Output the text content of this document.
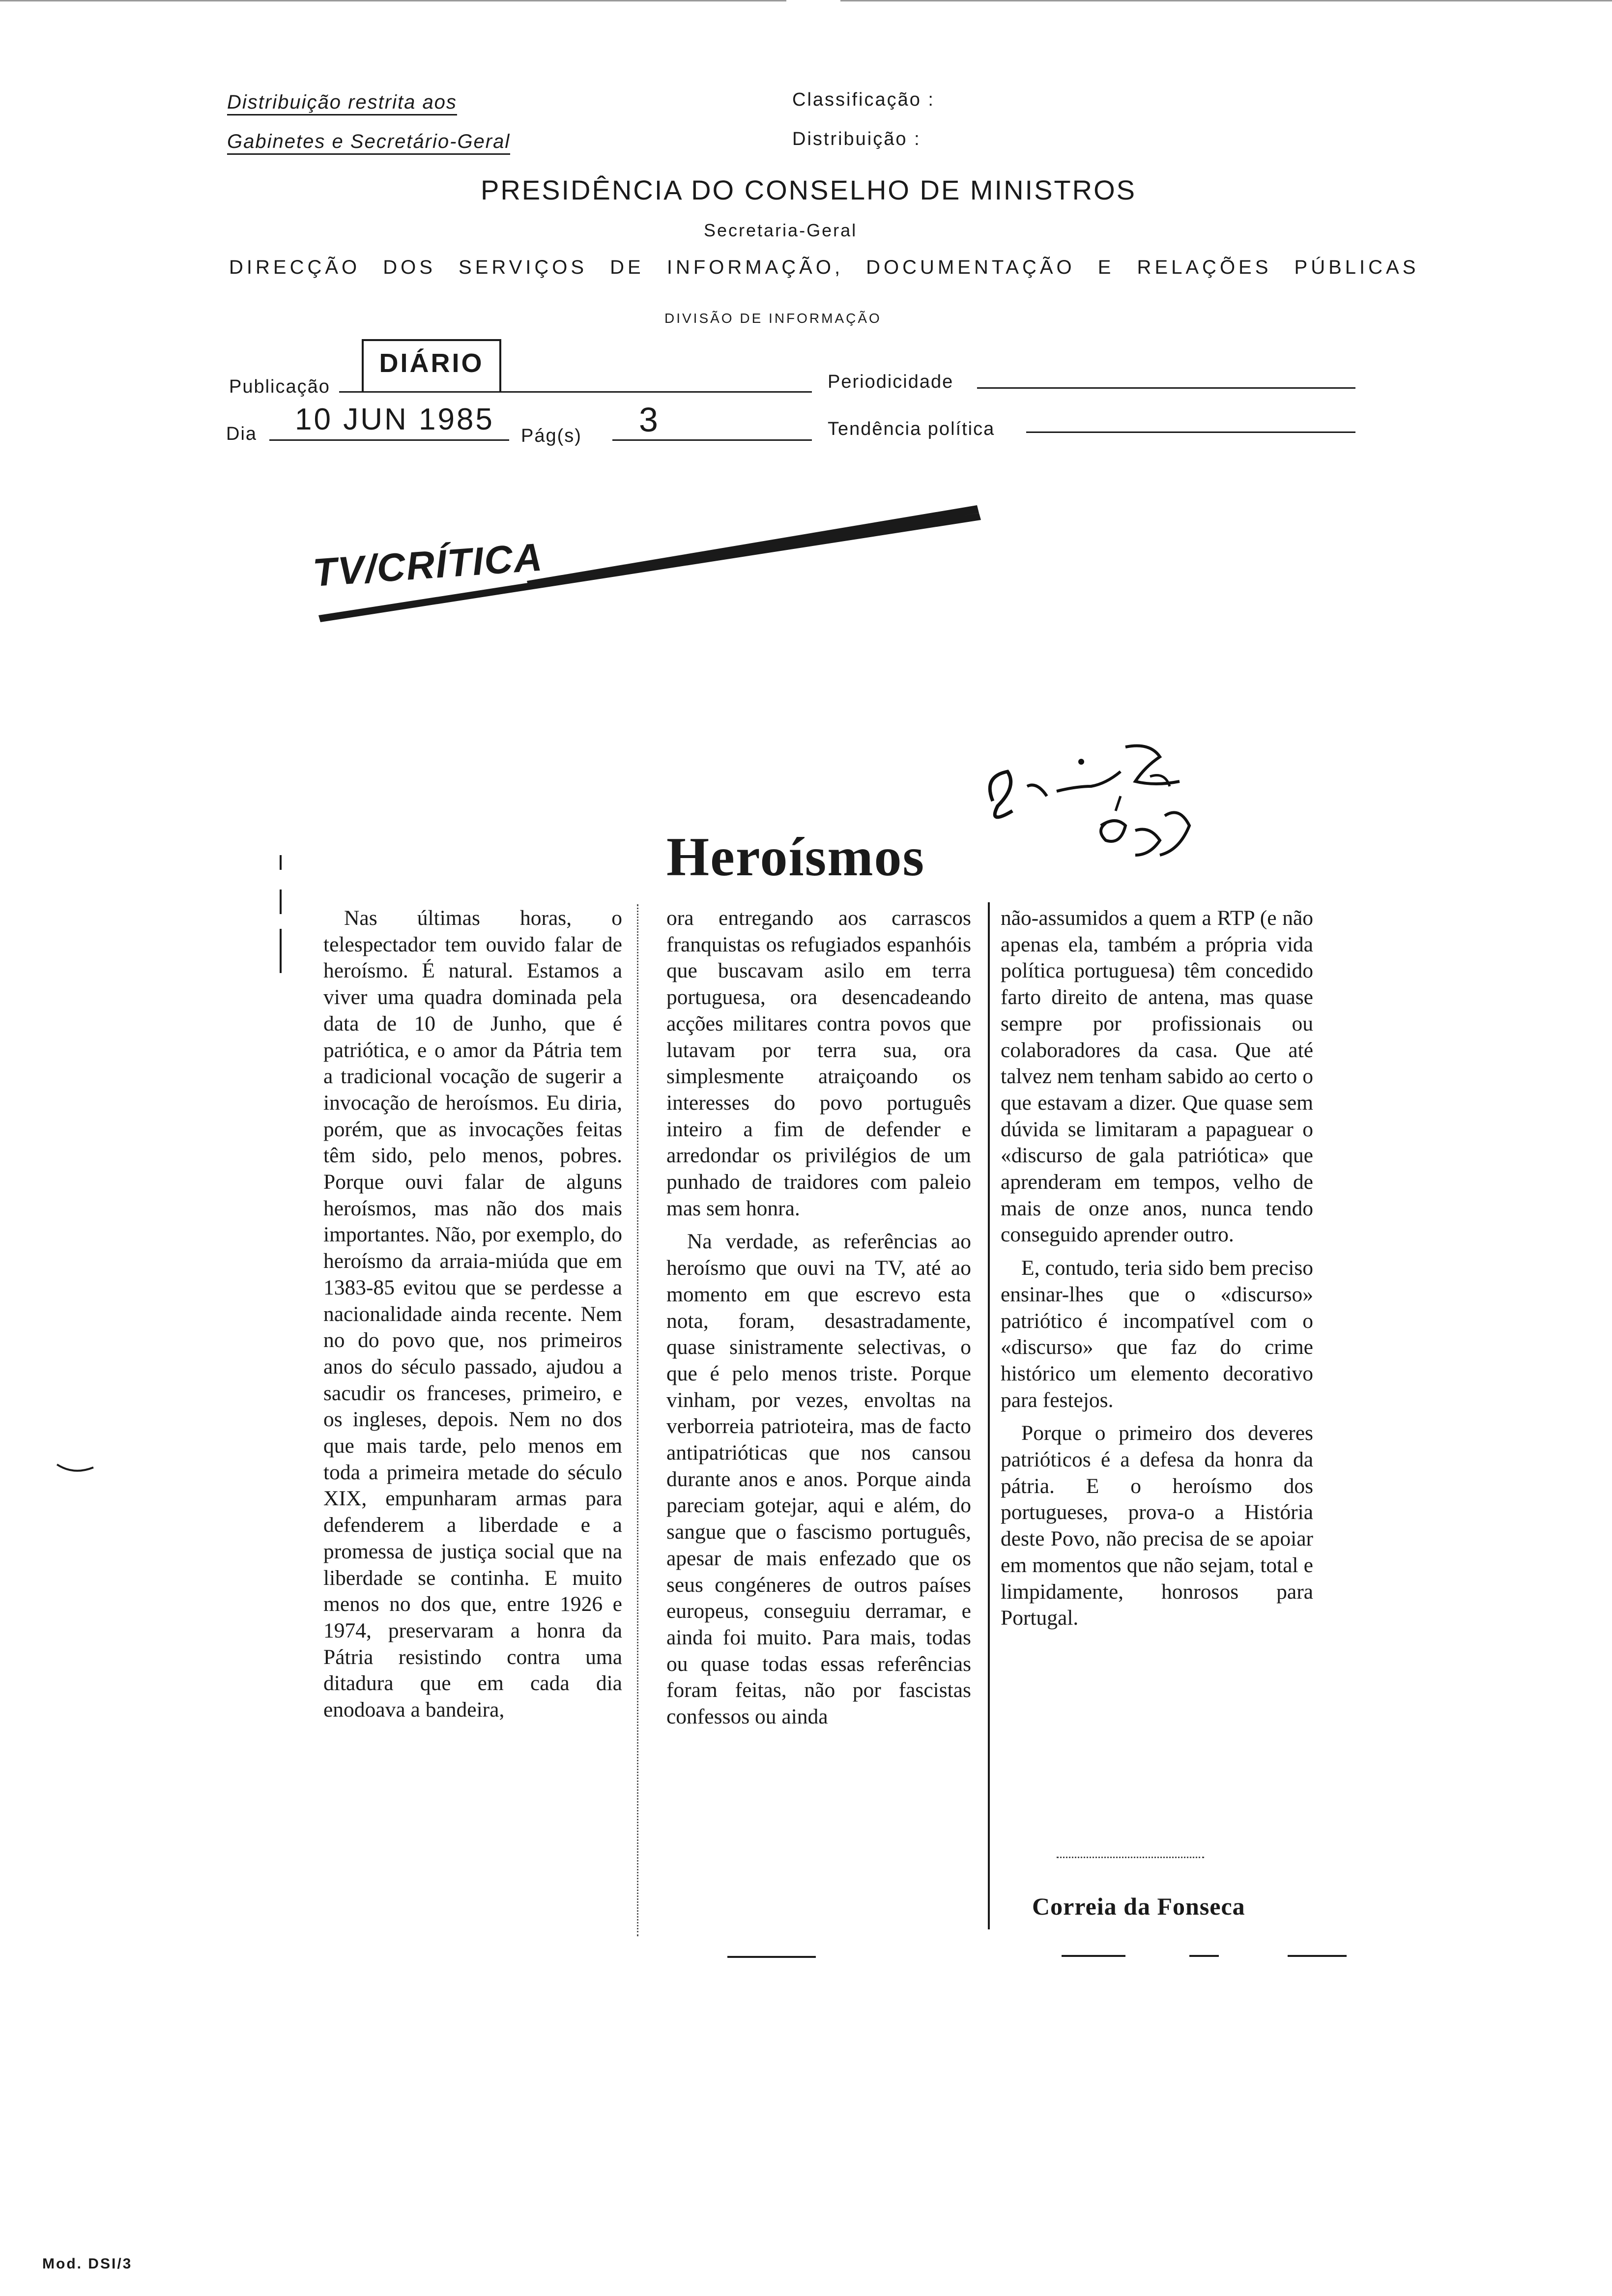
Distribuição restrita aos
Gabinetes e Secretário-Geral
Classificação :
Distribuição :
PRESIDÊNCIA DO CONSELHO DE MINISTROS
Secretaria-Geral
DIRECÇÃO DOS SERVIÇOS DE INFORMAÇÃO, DOCUMENTAÇÃO E RELAÇÕES PÚBLICAS
DIVISÃO DE INFORMAÇÃO
Publicação
DIÁRIO
Periodicidade
Dia 10 JUN 1985 Pág(s) 3	Tendência política
TV/CRÍTICA
Heroísmos

Nas últimas horas, o telespectador tem ouvido falar de heroísmo. É natural. Estamos a viver uma quadra dominada pela data de 10 de Junho, que é patriótica, e o amor da Pátria tem a tradicional vocação de sugerir a invocação de heroísmos. Eu diria, porém, que as invocações feitas têm sido, pelo menos, pobres. Porque ouvi falar de alguns heroísmos, mas não dos mais importantes. Não, por exemplo, do heroísmo da arraia-miúda que em 1383-85 evitou que se perdesse a nacionalidade ainda recente. Nem no do povo que, nos primeiros anos do século passado, ajudou a sacudir os franceses, primeiro, e os ingleses, depois. Nem no dos que mais tarde, pelo menos em toda a primeira metade do século XIX, empunharam armas para defenderem a liberdade e a promessa de justiça social que na liberdade se continha. E muito menos no dos que, entre 1926 e 1974, preservaram a honra da Pátria resistindo contra uma ditadura que em cada dia enodoava a bandeira,

ora entregando aos carrascos franquistas os refugiados espanhóis que buscavam asilo em terra portuguesa, ora desencadeando acções militares contra povos que lutavam por terra sua, ora simplesmente atraiçoando os interesses do povo português inteiro a fim de defender e arredondar os privilégios de um punhado de traidores com paleio mas sem honra.

Na verdade, as referências ao heroísmo que ouvi na TV, até ao momento em que escrevo esta nota, foram, desastradamente, quase sinistramente selectivas, o que é pelo menos triste. Porque vinham, por vezes, envoltas na verborreia patrioteira, mas de facto antipatrióticas que nos cansou durante anos e anos. Porque ainda pareciam gotejar, aqui e além, do sangue que o fascismo português, apesar de mais enfezado que os seus congéneres de outros países europeus, conseguiu derramar, e ainda foi muito. Para mais, todas ou quase todas essas referências foram feitas, não por fascistas confessos ou ainda

não-assumidos a quem a RTP (e não apenas ela, também a própria vida política portuguesa) têm concedido farto direito de antena, mas quase sempre por profissionais ou colaboradores da casa. Que até talvez nem tenham sabido ao certo o que estavam a dizer. Que quase sem dúvida se limitaram a papaguear o «discurso de gala patriótica» que aprenderam em tempos, velho de mais de onze anos, nunca tendo conseguido aprender outro.

E, contudo, teria sido bem preciso ensinar-lhes que o «discurso» patriótico é incompatível com o «discurso» que faz do crime histórico um elemento decorativo para festejos.

Porque o primeiro dos deveres patrióticos é a defesa da honra da pátria. E o heroísmo dos portugueses, prova-o a História deste Povo, não precisa de se apoiar em momentos que não sejam, total e limpidamente, honrosos para Portugal.

Correia da Fonseca
Mod. DSI/3
